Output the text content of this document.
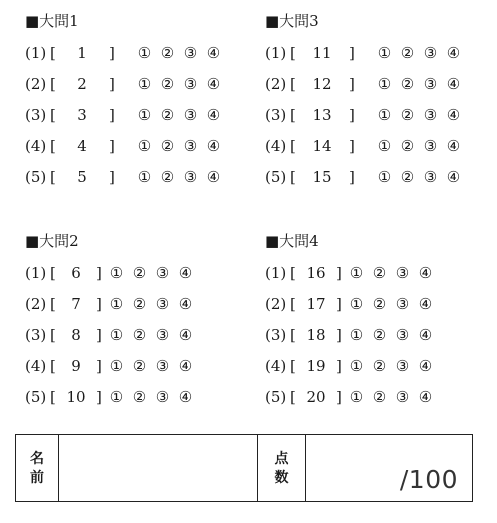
■大問1
(1) [	1	]	① ② ③ ④
(2) [	2	]	① ② ③ ④
(3) [	3	]	① ② ③ ④
(4) [	4	]	① ② ③ ④
(5) [	5	]	① ② ③ ④
■大問3
(1) [	11	]	① ② ③ ④
(2) [	12	]	① ② ③ ④
(3) [	13	]	① ② ③ ④
(4) [	14	]	① ② ③ ④
(5) [	15	]	① ② ③ ④
■大問2
(1) [	6	] ① ② ③ ④
(2) [	7	] ① ② ③ ④
(3) [	8	] ① ② ③ ④
(4) [	9	] ① ② ③ ④
(5) [ 10 ] ① ② ③ ④
■大問4
(1) [ 16 ] ① ② ③ ④
(2) [ 17 ] ① ② ③ ④
(3) [ 18 ] ① ② ③ ④
(4) [ 19 ] ① ② ③ ④
(5) [ 20 ] ① ② ③ ④
名
前
点
数	/100
